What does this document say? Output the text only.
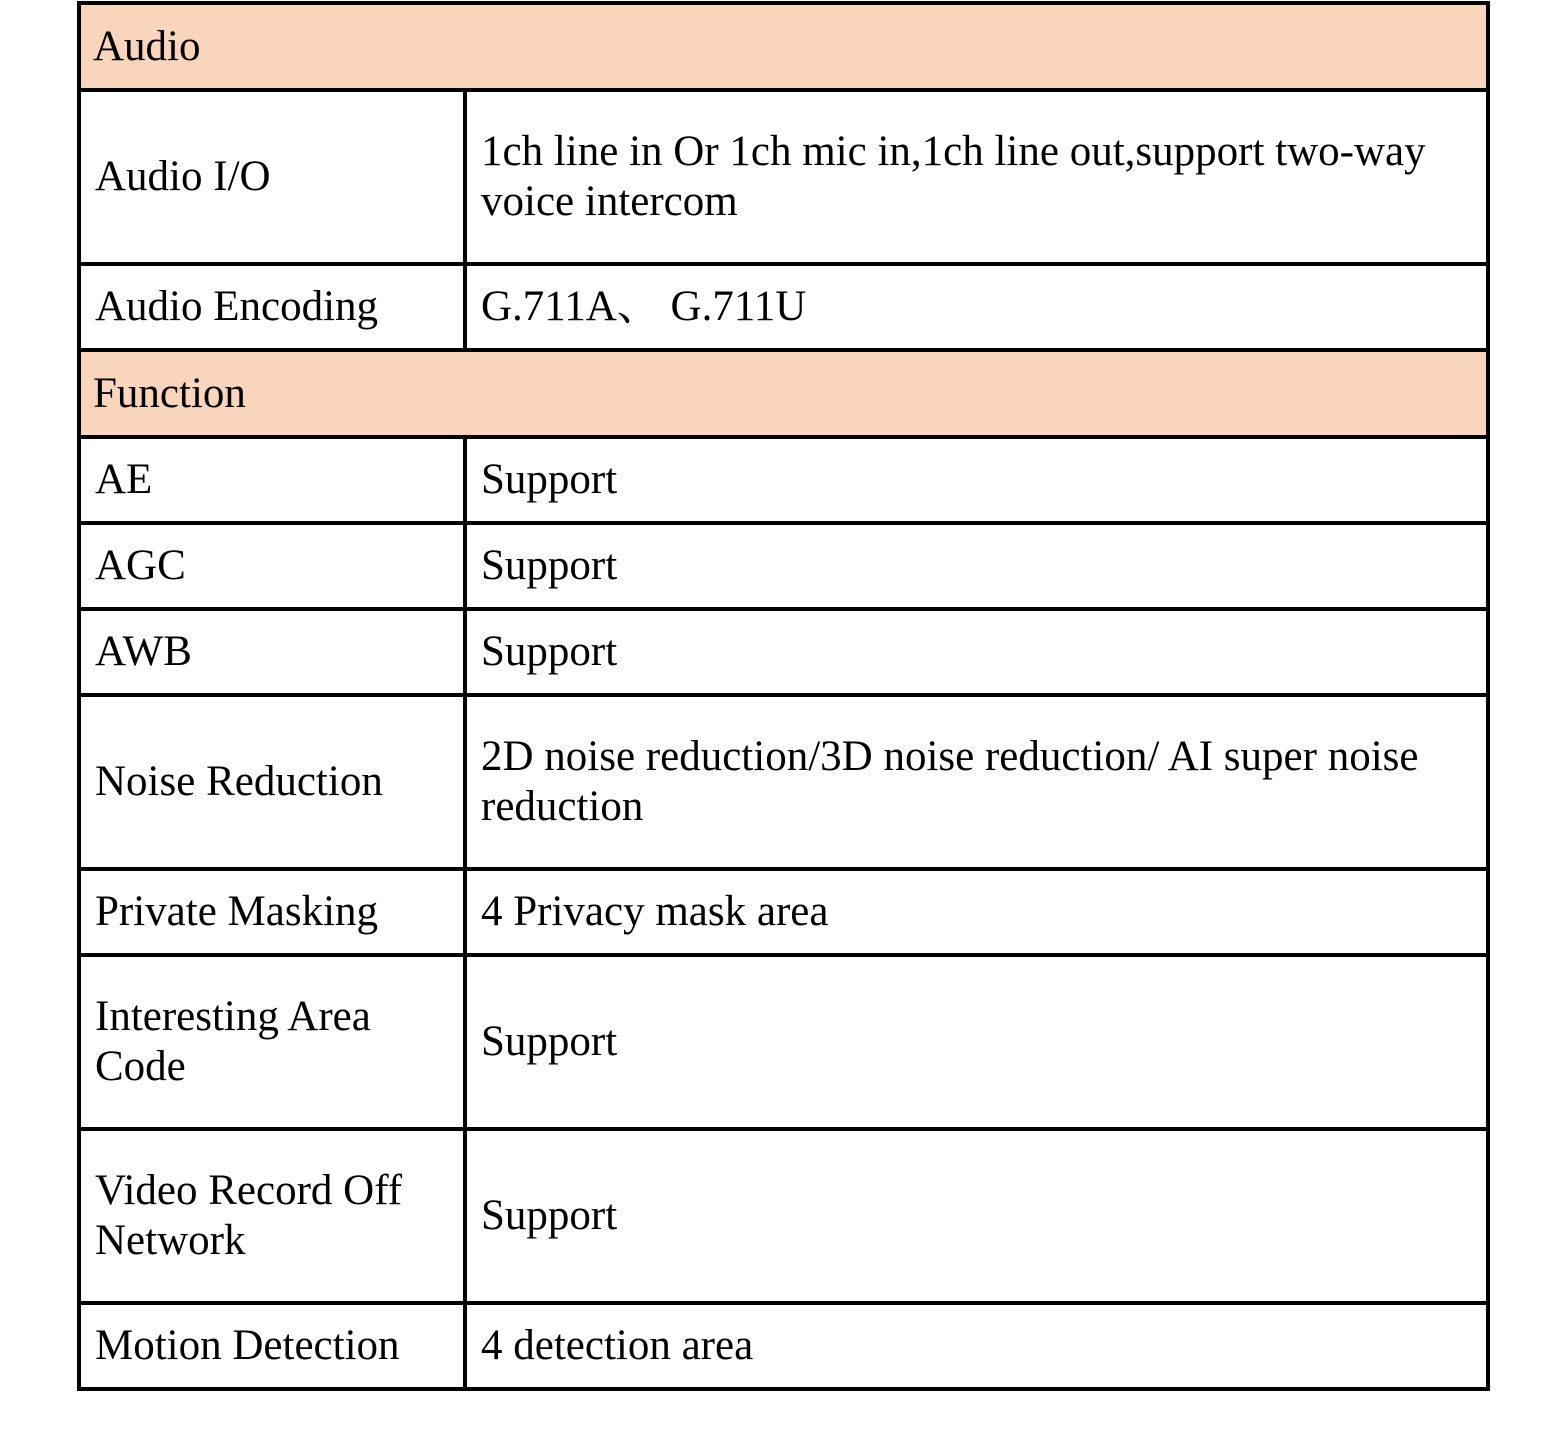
Audio	
Audio I/O	1ch line in Or 1ch mic in,1ch line out,support two-way voice intercom
Audio Encoding	G.711A、 G.711U
Function	
AE	Support
AGC	Support
AWB	Support
Noise Reduction	2D noise reduction/3D noise reduction/ AI super noise reduction
Private Masking	4 Privacy mask area
Interesting Area Code	Support
Video Record Off Network	Support
Motion Detection	4 detection area
